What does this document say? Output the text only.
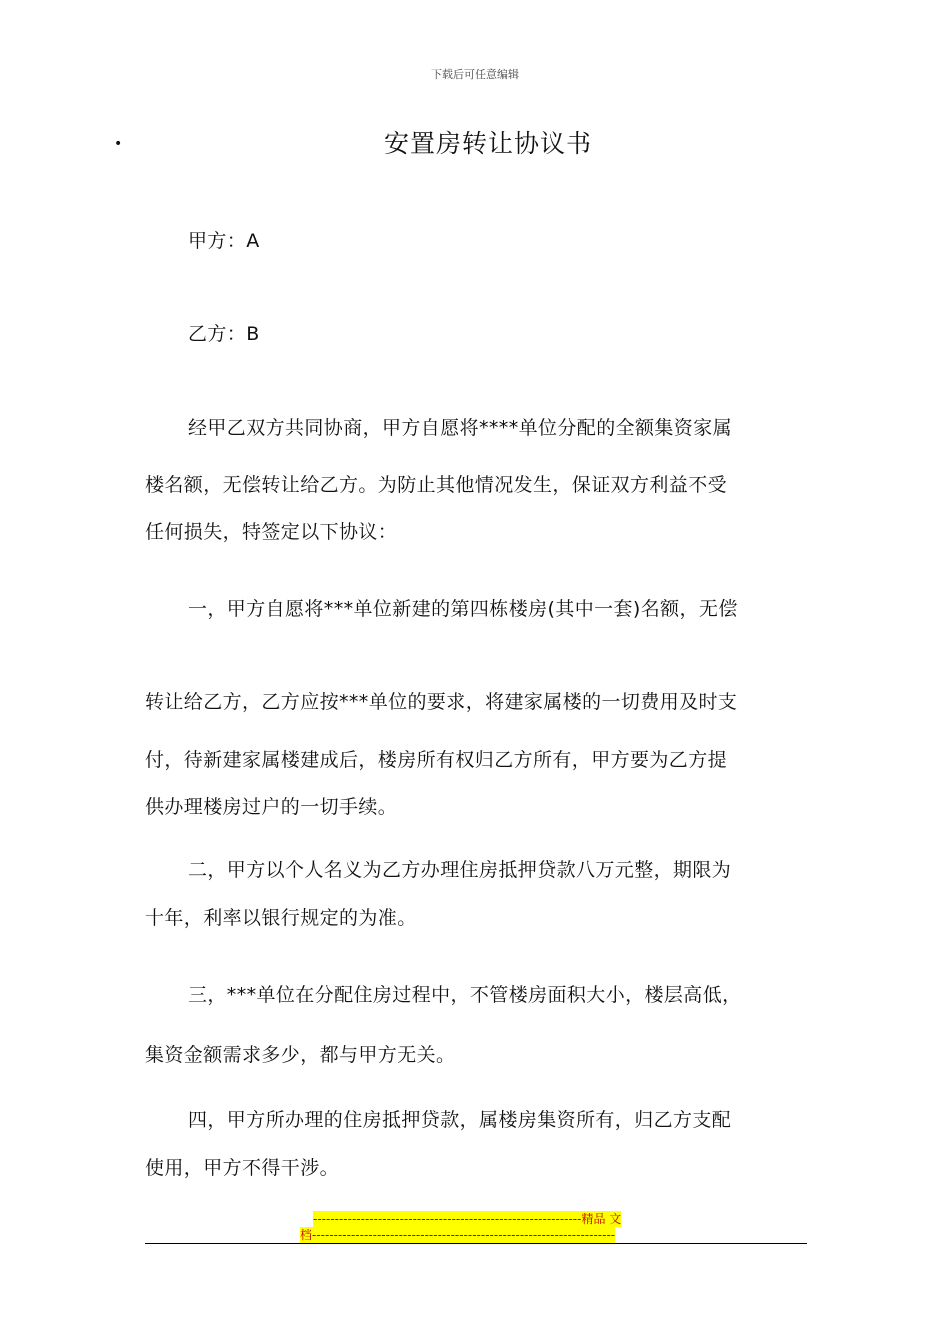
下载后可任意编辑
•	安置房转让协议书
甲方：A
乙方：B
经甲乙双方共同协商，甲方自愿将****单位分配的全额集资家属
楼名额，无偿转让给乙方。为防止其他情况发生，保证双方利益不受
任何损失，特签定以下协议：
一，甲方自愿将***单位新建的第四栋楼房(其中一套)名额，无偿
转让给乙方，乙方应按***单位的要求，将建家属楼的一切费用及时支
付，待新建家属楼建成后，楼房所有权归乙方所有，甲方要为乙方提
供办理楼房过户的一切手续。
二，甲方以个人名义为乙方办理住房抵押贷款八万元整，期限为
十年，利率以银行规定的为准。
三，***单位在分配住房过程中，不管楼房面积大小，楼层高低，
集资金额需求多少，都与甲方无关。
四，甲方所办理的住房抵押贷款，属楼房集资所有，归乙方支配
使用，甲方不得干涉。
--------------------------------------------------------------精品 文
档----------------------------------------------------------------------
